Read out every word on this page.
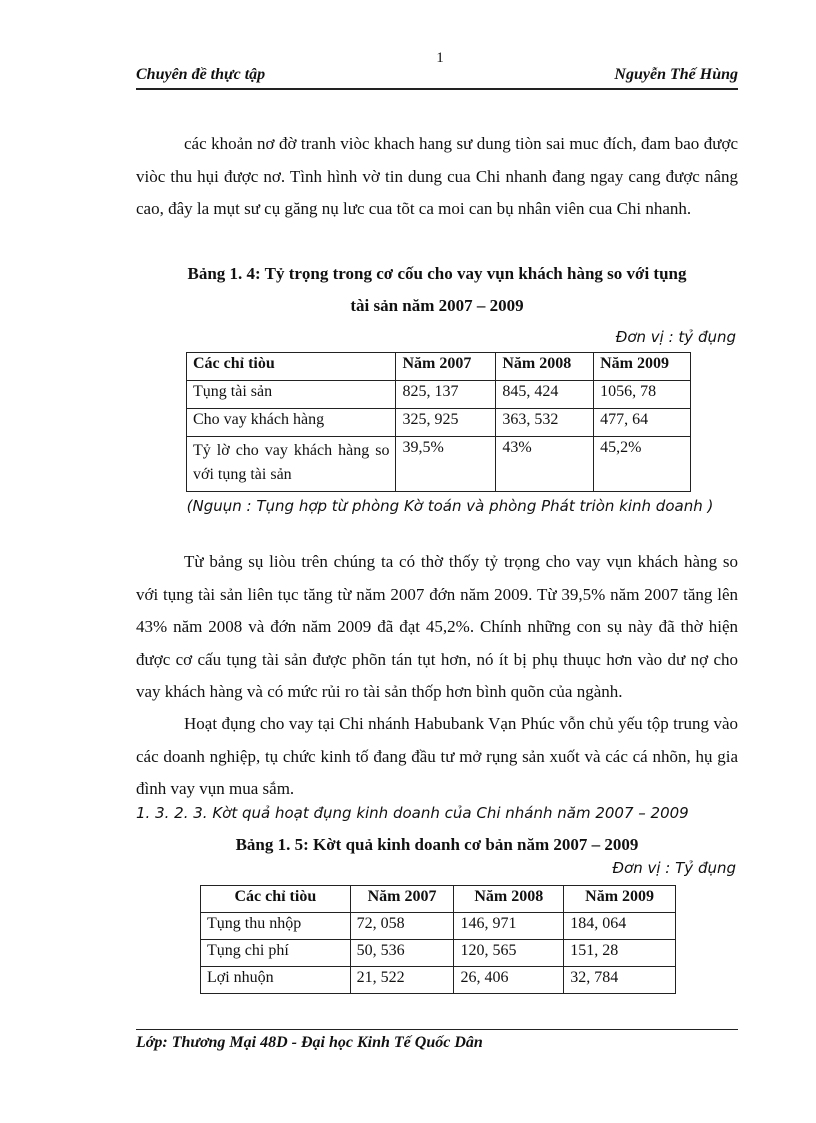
1
Chuyên đề thực tập	Nguyễn Thế Hùng

các khoản nơ đờ tranh viòc khach hang sư dung tiòn sai muc đích, đam bao được viòc thu hụi được nơ. Tình hình vờ tin dung cua Chi nhanh đang ngay cang được nâng cao, đây la mụt sư cụ găng nụ lưc cua tõt ca moi can bụ nhân viên cua Chi nhanh.

Bảng 1. 4: Tỷ trọng trong cơ cốu cho vay vụn khách hàng so với tụng
tài sản năm 2007 – 2009
Đơn vị : tỷ đụng
Các chỉ tiòu	Năm 2007	Năm 2008	Năm 2009
Tụng tài sản	825, 137	845, 424	1056, 78
Cho vay khách hàng	325, 925	363, 532	477, 64
Tỷ lờ cho vay khách hàng so với tụng tài sản	39,5%	43%	45,2%
(Nguụn : Tụng hợp từ phòng Kờ toán và phòng Phát triòn kinh doanh )

Từ bảng sụ liòu trên chúng ta có thờ thốy tỷ trọng cho vay vụn khách hàng so với tụng tài sản liên tục tăng từ năm 2007 đớn năm 2009. Từ 39,5% năm 2007 tăng lên 43% năm 2008 và đớn năm 2009 đã đạt 45,2%. Chính những con sụ này đã thờ hiện được cơ cấu tụng tài sản được phõn tán tụt hơn, nó ít bị phụ thuục hơn vào dư nợ cho vay khách hàng và có mức rủi ro tài sản thốp hơn bình quõn của ngành.

Hoạt đụng cho vay tại Chi nhánh Habubank Vạn Phúc vỗn chủ yếu tộp trung vào các doanh nghiệp, tụ chức kinh tố đang đầu tư mở rụng sản xuốt và các cá nhõn, hụ gia đình vay vụn mua sắm.

1. 3. 2. 3. Kờt quả hoạt đụng kinh doanh của Chi nhánh năm 2007 – 2009
Bảng 1. 5: Kờt quả kinh doanh cơ bản năm 2007 – 2009
Đơn vị : Tỷ đụng
Các chỉ tiòu	Năm 2007	Năm 2008	Năm 2009
Tụng thu nhộp	72, 058	146, 971	184, 064
Tụng chi phí	50, 536	120, 565	151, 28
Lợi nhuộn	21, 522	26, 406	32, 784
Lớp: Thương Mại 48D - Đại học Kinh Tế Quốc Dân
